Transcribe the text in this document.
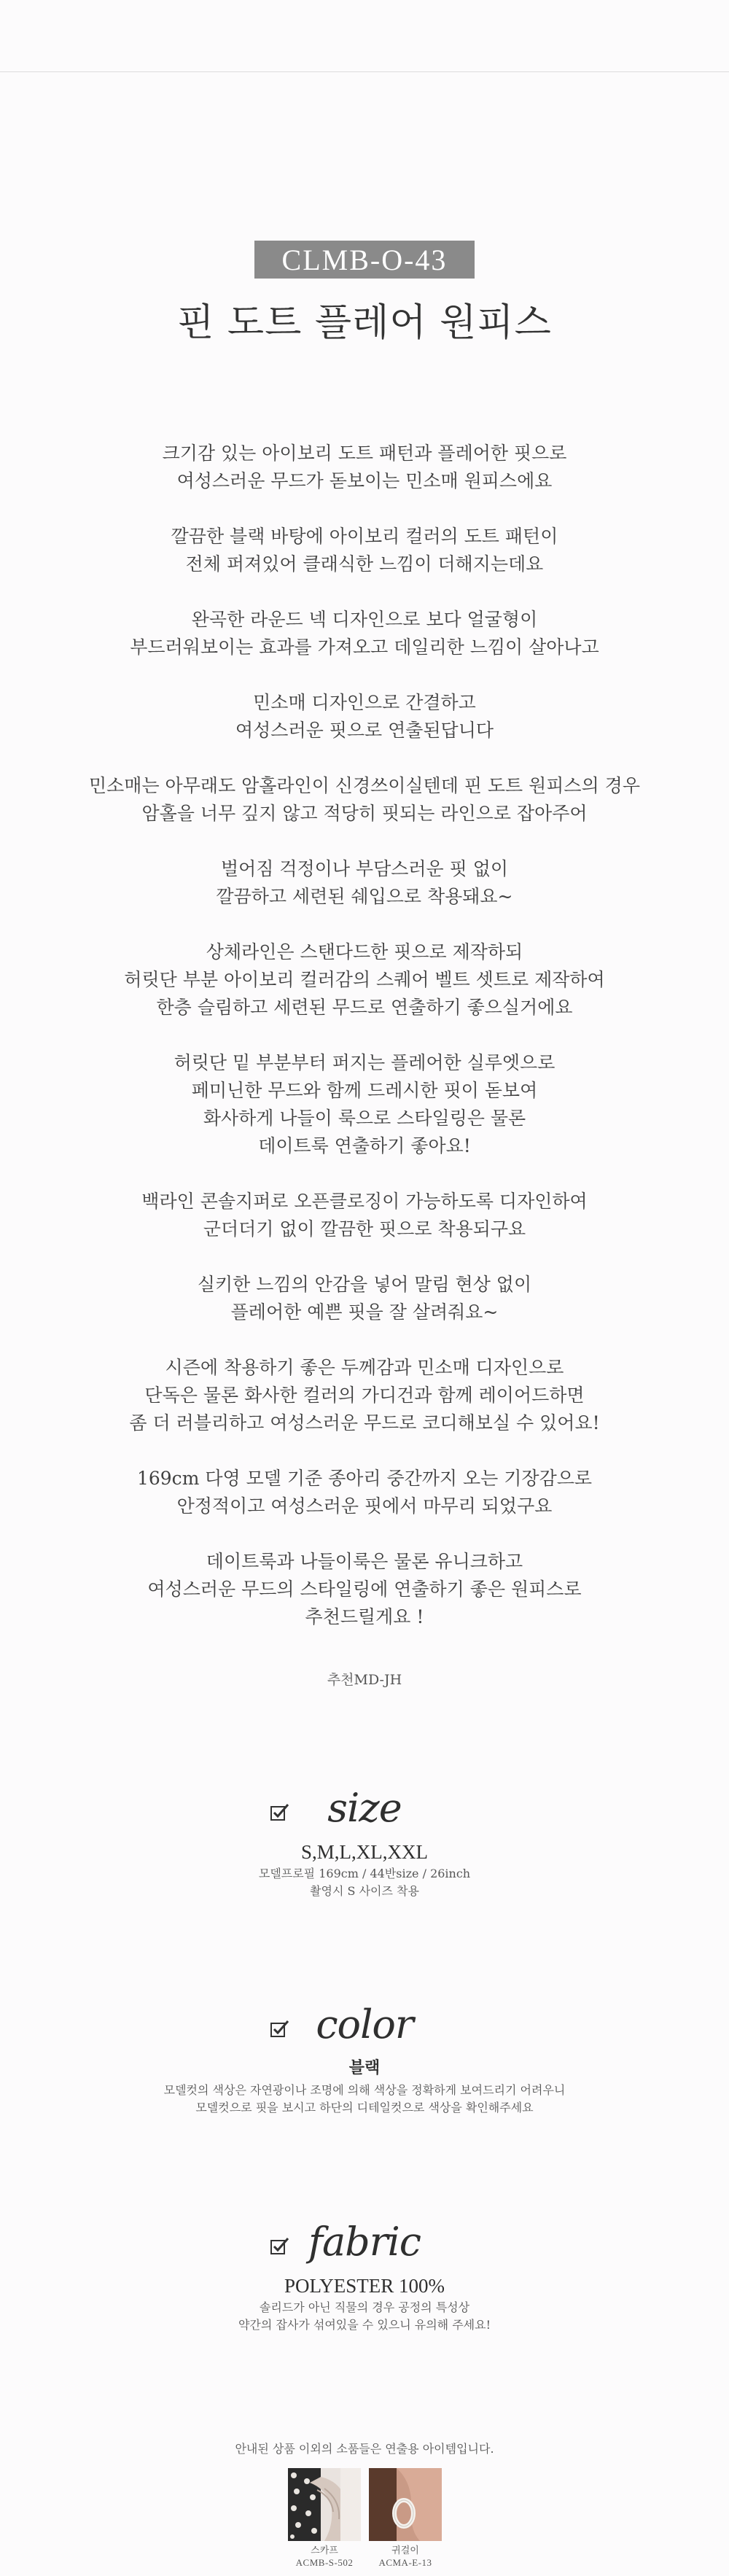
CLMB-O-43
핀 도트 플레어 원피스
크기감 있는 아이보리 도트 패턴과 플레어한 핏으로
여성스러운 무드가 돋보이는 민소매 원피스에요
깔끔한 블랙 바탕에 아이보리 컬러의 도트 패턴이
전체 퍼져있어 클래식한 느낌이 더해지는데요
완곡한 라운드 넥 디자인으로 보다 얼굴형이
부드러워보이는 효과를 가져오고 데일리한 느낌이 살아나고
민소매 디자인으로 간결하고
여성스러운 핏으로 연출된답니다
민소매는 아무래도 암홀라인이 신경쓰이실텐데 핀 도트 원피스의 경우
암홀을 너무 깊지 않고 적당히 핏되는 라인으로 잡아주어
벌어짐 걱정이나 부담스러운 핏 없이
깔끔하고 세련된 쉐입으로 착용돼요~
상체라인은 스탠다드한 핏으로 제작하되
허릿단 부분 아이보리 컬러감의 스퀘어 벨트 셋트로 제작하여
한층 슬림하고 세련된 무드로 연출하기 좋으실거에요
허릿단 밑 부분부터 퍼지는 플레어한 실루엣으로
페미닌한 무드와 함께 드레시한 핏이 돋보여
화사하게 나들이 룩으로 스타일링은 물론
데이트룩 연출하기 좋아요!
백라인 콘솔지퍼로 오픈클로징이 가능하도록 디자인하여
군더더기 없이 깔끔한 핏으로 착용되구요
실키한 느낌의 안감을 넣어 말림 현상 없이
플레어한 예쁜 핏을 잘 살려줘요~
시즌에 착용하기 좋은 두께감과 민소매 디자인으로
단독은 물론 화사한 컬러의 가디건과 함께 레이어드하면
좀 더 러블리하고 여성스러운 무드로 코디해보실 수 있어요!
169cm 다영 모델 기준 종아리 중간까지 오는 기장감으로
안정적이고 여성스러운 핏에서 마무리 되었구요
데이트룩과 나들이룩은 물론 유니크하고
여성스러운 무드의 스타일링에 연출하기 좋은 원피스로
추천드릴게요 !
추천MD-JH
size
S,M,L,XL,XXL
모델프로필 169cm / 44반size / 26inch
촬영시 S 사이즈 착용
color
블랙
모델컷의 색상은 자연광이나 조명에 의해 색상을 정확하게 보여드리기 어려우니
모델컷으로 핏을 보시고 하단의 디테일컷으로 색상을 확인해주세요
fabric
POLYESTER 100%
솔리드가 아닌 직물의 경우 공정의 특성상
약간의 잡사가 섞여있을 수 있으니 유의해 주세요!
안내된 상품 이외의 소품들은 연출용 아이템입니다.
스카프
ACMB-S-502
귀걸이
ACMA-E-13
